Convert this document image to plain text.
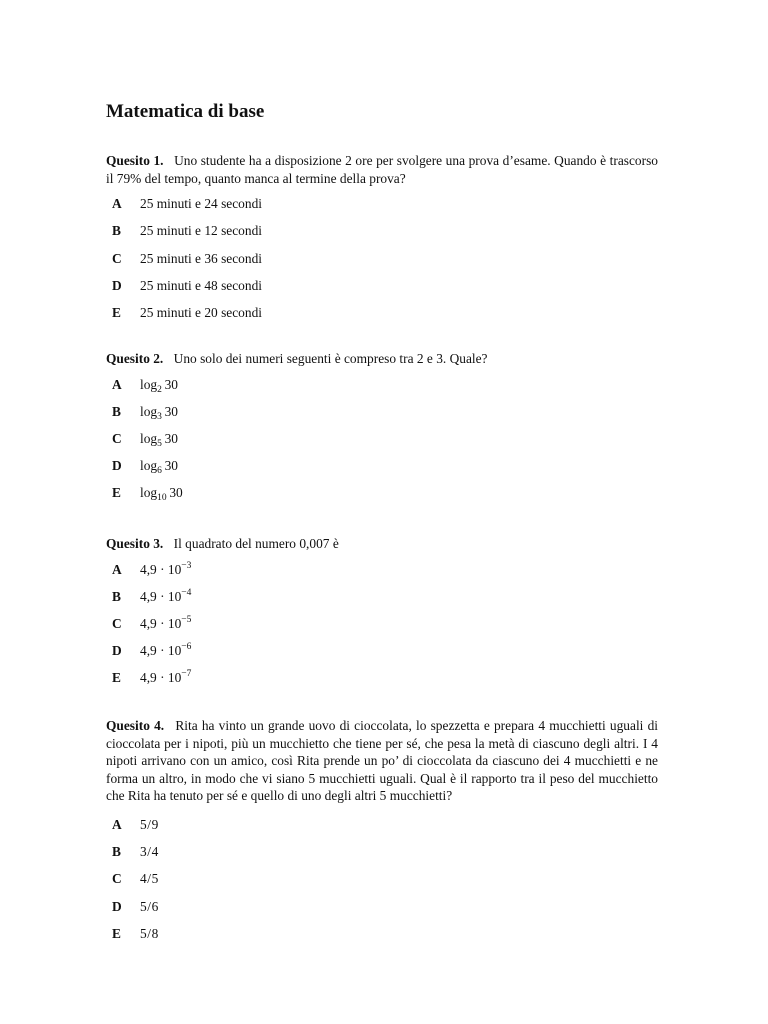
Matematica di base
Quesito 1. Uno studente ha a disposizione 2 ore per svolgere una prova d’esame. Quando è trascorso il 79% del tempo, quanto manca al termine della prova?
A	25 minuti e 24 secondi
B	25 minuti e 12 secondi
C	25 minuti e 36 secondi
D	25 minuti e 48 secondi
E	25 minuti e 20 secondi
Quesito 2. Uno solo dei numeri seguenti è compreso tra 2 e 3. Quale?
A	$\log_2 30$
B	$\log_3 30$
C	$\log_5 30$
D	$\log_6 30$
E	$\log_{10} 30$
Quesito 3. Il quadrato del numero 0,007 è
A	$4,9 \cdot 10^{-3}$
B	$4,9 \cdot 10^{-4}$
C	$4,9 \cdot 10^{-5}$
D	$4,9 \cdot 10^{-6}$
E	$4,9 \cdot 10^{-7}$
Quesito 4. Rita ha vinto un grande uovo di cioccolata, lo spezzetta e prepara 4 mucchietti uguali di cioccolata per i nipoti, più un mucchietto che tiene per sé, che pesa la metà di ciascuno degli altri. I 4 nipoti arrivano con un amico, così Rita prende un po’ di cioccolata da ciascuno dei 4 mucchietti e ne forma un altro, in modo che vi siano 5 mucchietti uguali. Qual è il rapporto tra il peso del mucchietto che Rita ha tenuto per sé e quello di uno degli altri 5 mucchietti?
A	5/9
B	3/4
C	4/5
D	5/6
E	5/8
